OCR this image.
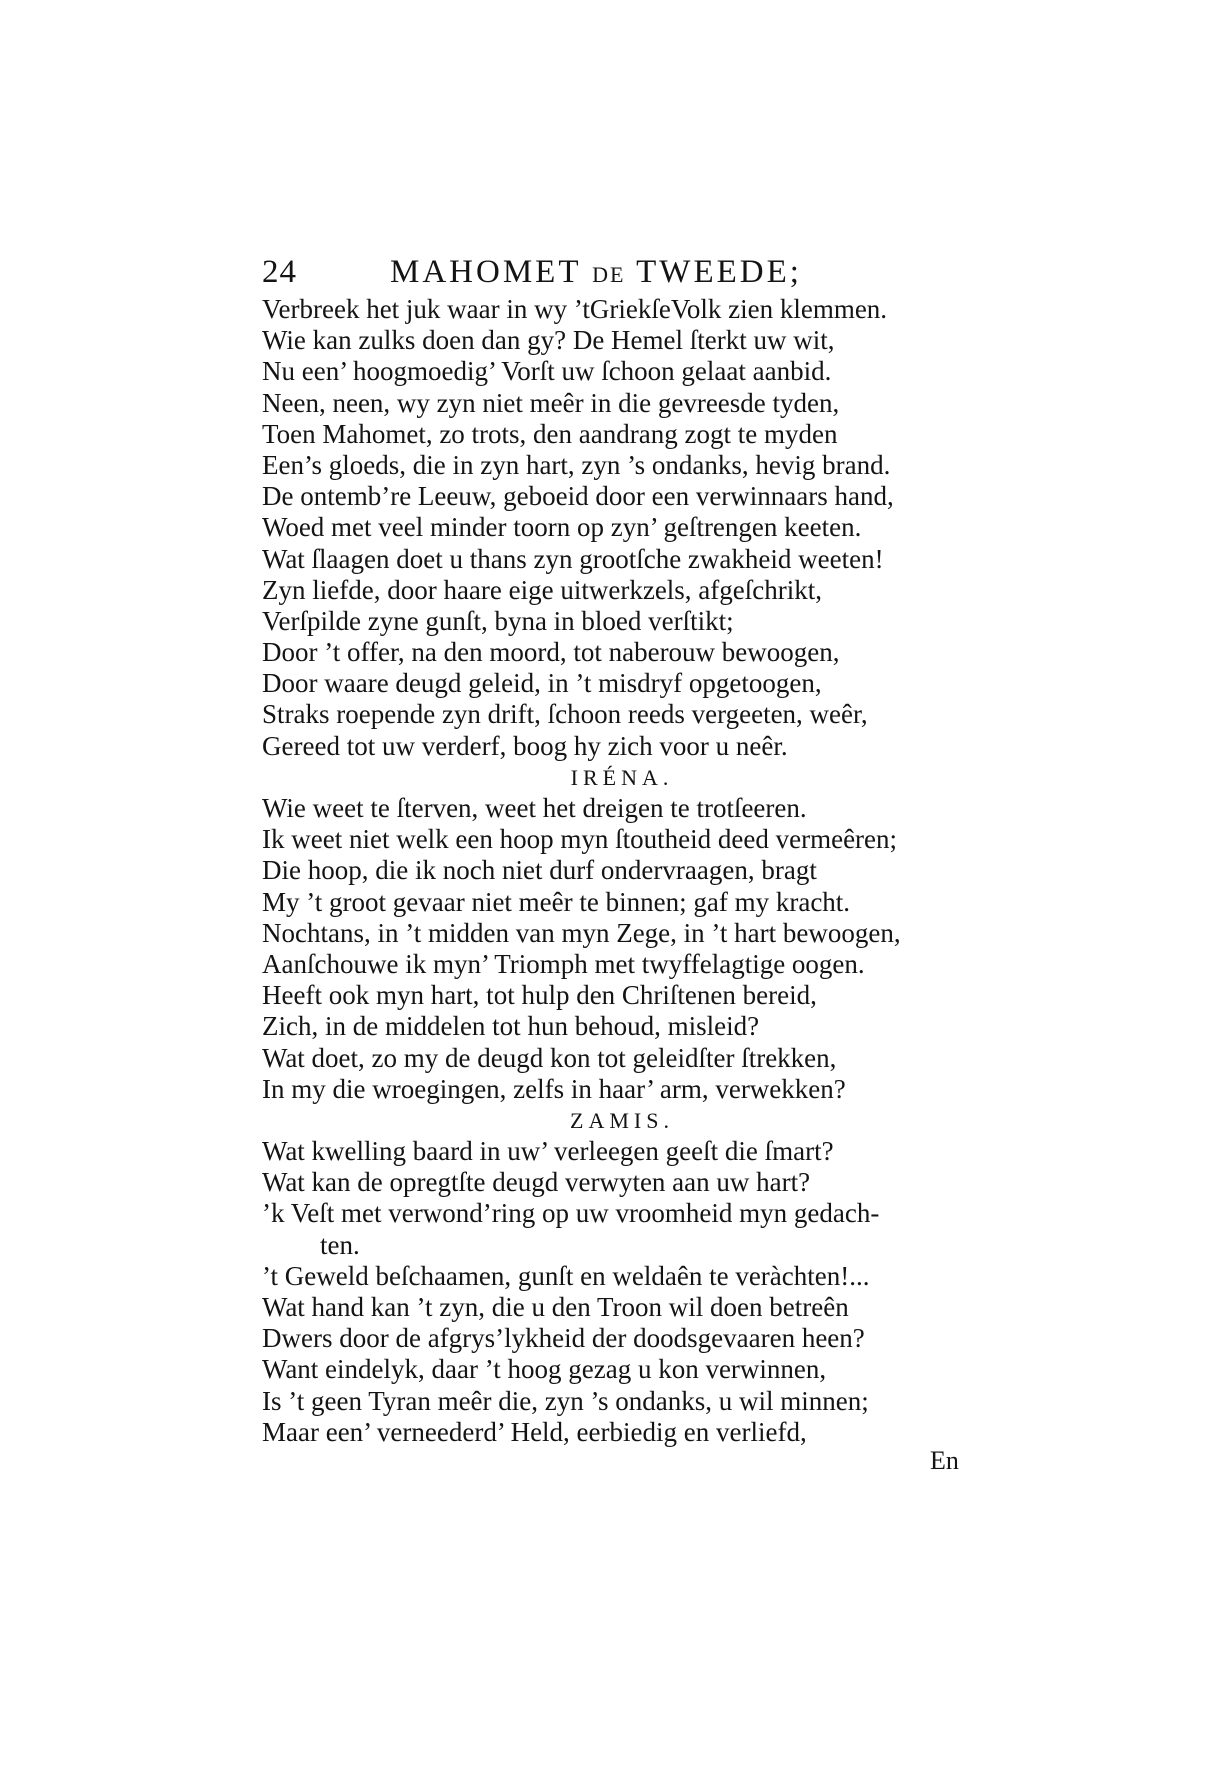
24	MAHOMET DE TWEEDE;
Verbreek het juk waar in wy ’tGriekſeVolk zien klemmen.
Wie kan zulks doen dan gy? De Hemel ſterkt uw wit,
Nu een’ hoogmoedig’ Vorſt uw ſchoon gelaat aanbid.
Neen, neen, wy zyn niet meêr in die gevreesde tyden,
Toen Mahomet, zo trots, den aandrang zogt te myden
Een’s gloeds, die in zyn hart, zyn ’s ondanks, hevig brand.
De ontemb’re Leeuw, geboeid door een verwinnaars hand,
Woed met veel minder toorn op zyn’ geſtrengen keeten.
Wat ſlaagen doet u thans zyn grootſche zwakheid weeten!
Zyn liefde, door haare eige uitwerkzels, afgeſchrikt,
Verſpilde zyne gunſt, byna in bloed verſtikt;
Door ’t offer, na den moord, tot naberouw bewoogen,
Door waare deugd geleid, in ’t misdryf opgetoogen,
Straks roepende zyn drift, ſchoon reeds vergeeten, weêr,
Gereed tot uw verderf, boog hy zich voor u neêr.
IRÉNA.
Wie weet te ſterven, weet het dreigen te trotſeeren.
Ik weet niet welk een hoop myn ſtoutheid deed vermeêren;
Die hoop, die ik noch niet durf ondervraagen, bragt
My ’t groot gevaar niet meêr te binnen; gaf my kracht.
Nochtans, in ’t midden van myn Zege, in ’t hart bewoogen,
Aanſchouwe ik myn’ Triomph met twyffelagtige oogen.
Heeft ook myn hart, tot hulp den Chriſtenen bereid,
Zich, in de middelen tot hun behoud, misleid?
Wat doet, zo my de deugd kon tot geleidſter ſtrekken,
In my die wroegingen, zelfs in haar’ arm, verwekken?
ZAMIS.
Wat kwelling baard in uw’ verleegen geeſt die ſmart?
Wat kan de opregtſte deugd verwyten aan uw hart?
’k Veſt met verwond’ring op uw vroomheid myn gedach-
ten.
’t Geweld beſchaamen, gunſt en weldaên te veràchten!...
Wat hand kan ’t zyn, die u den Troon wil doen betreên
Dwers door de afgrys’lykheid der doodsgevaaren heen?
Want eindelyk, daar ’t hoog gezag u kon verwinnen,
Is ’t geen Tyran meêr die, zyn ’s ondanks, u wil minnen;
Maar een’ verneederd’ Held, eerbiedig en verliefd,
En
